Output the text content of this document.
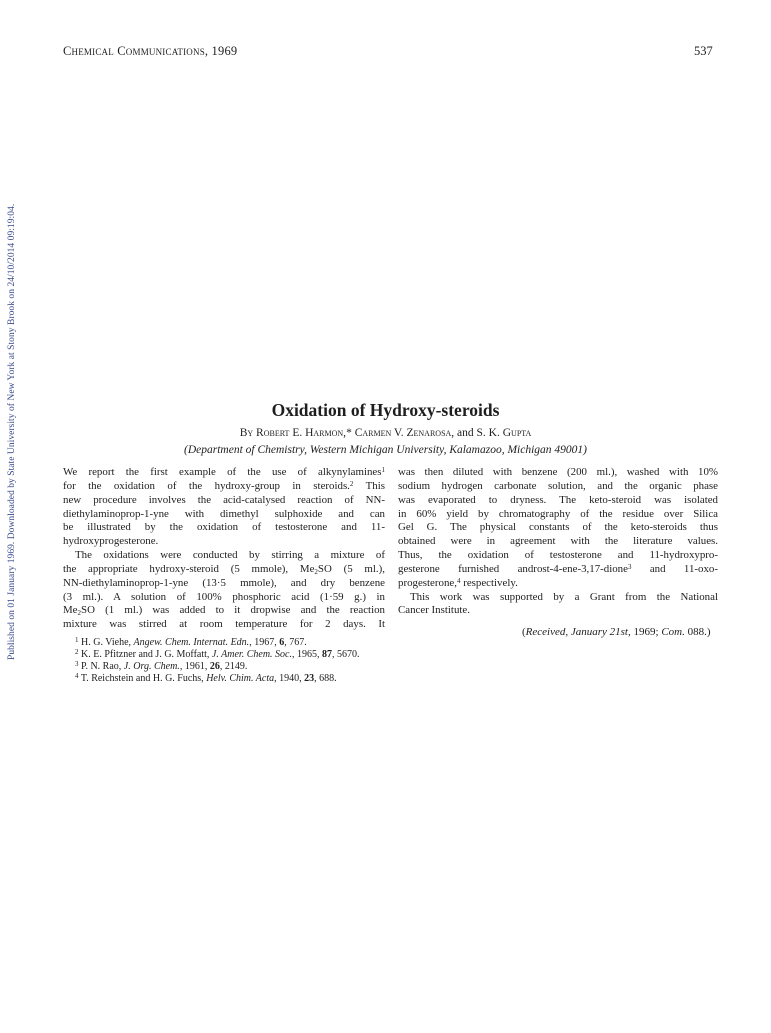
Published on 01 January 1969. Downloaded by State University of New York at Stony Brook on 24/10/2014 09:19:04.
Chemical Communications, 1969	537
Oxidation of Hydroxy-steroids
By Robert E. Harmon,* Carmen V. Zenarosa, and S. K. Gupta
(Department of Chemistry, Western Michigan University, Kalamazoo, Michigan 49001)
We report the first example of the use of alkynylamines$^1$
for the oxidation of the hydroxy-group in steroids.$^2$ This
new procedure involves the acid-catalysed reaction of NN-
diethylaminoprop-1-yne with dimethyl sulphoxide and can
be illustrated by the oxidation of testosterone and 11-
hydroxyprogesterone.
The oxidations were conducted by stirring a mixture of
the appropriate hydroxy-steroid (5 mmole), $Me_2SO$ (5 ml.),
NN-diethylaminoprop-1-yne (13·5 mmole), and dry benzene
(3 ml.). A solution of 100% phosphoric acid (1·59 g.) in
$Me_2SO$ (1 ml.) was added to it dropwise and the reaction
mixture was stirred at room temperature for 2 days. It
was then diluted with benzene (200 ml.), washed with 10%
sodium hydrogen carbonate solution, and the organic phase
was evaporated to dryness. The keto-steroid was isolated
in 60% yield by chromatography of the residue over Silica
Gel G. The physical constants of the keto-steroids thus
obtained were in agreement with the literature values.
Thus, the oxidation of testosterone and 11-hydroxypro-
gesterone furnished androst-4-ene-3,17-dione$^3$ and 11-oxo-
progesterone,$^4$ respectively.
This work was supported by a Grant from the National
Cancer Institute.
(Received, January 21st, 1969; Com. 088.)
$^1$ H. G. Viehe, Angew. Chem. Internat. Edn., 1967, 6, 767.
$^2$ K. E. Pfitzner and J. G. Moffatt, J. Amer. Chem. Soc., 1965, 87, 5670.
$^3$ P. N. Rao, J. Org. Chem., 1961, 26, 2149.
$^4$ T. Reichstein and H. G. Fuchs, Helv. Chim. Acta, 1940, 23, 688.
